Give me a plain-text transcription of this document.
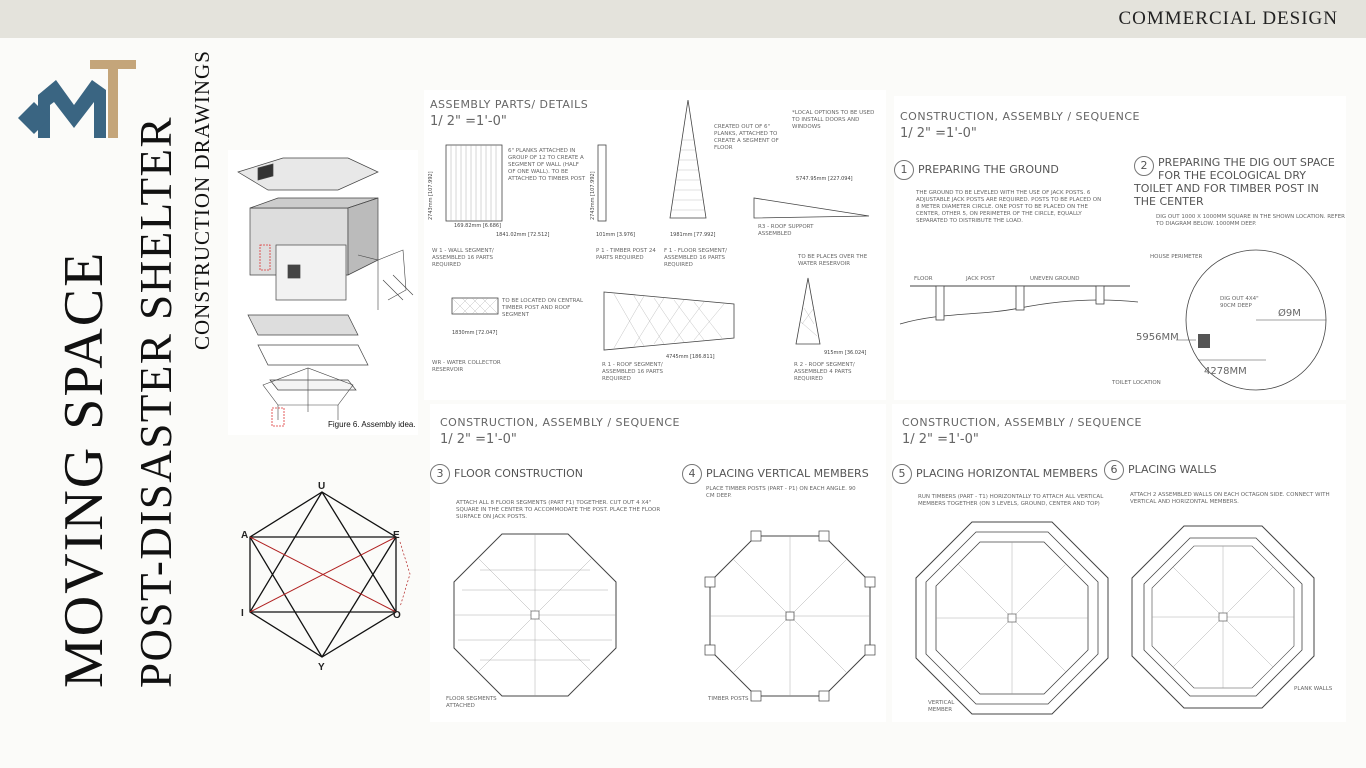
COMMERCIAL DESIGN
MOVING SPACE POST-DISASTER SHELTER CONSTRUCTION DRAWINGS
Figure 6. Assembly idea.
U
A	E
I	O
Y
ASSEMBLY PARTS/ DETAILS
1/ 2" =1'-0"
2743mm [107.992]
169.82mm [6.686]
1841.02mm [72.512]
6" PLANKS ATTACHED IN GROUP OF 12 TO CREATE A SEGMENT OF WALL (HALF OF ONE WALL). TO BE ATTACHED TO TIMBER POST
W 1 - WALL SEGMENT/ ASSEMBLED 16 PARTS REQUIRED
2743mm [107.992]
101mm [3.976]
P 1 - TIMBER POST 24 PARTS REQUIRED
CREATED OUT OF 6" PLANKS, ATTACHED TO CREATE A SEGMENT OF FLOOR
1981mm [77.992]
F 1 - FLOOR SEGMENT/ ASSEMBLED 16 PARTS REQUIRED
*LOCAL OPTIONS TO BE USED TO INSTALL DOORS AND WINDOWS
5747.95mm [227.094]
R3 - ROOF SUPPORT ASSEMBLED
TO BE LOCATED ON CENTRAL TIMBER POST AND ROOF SEGMENT
1830mm [72.047]
WR - WATER COLLECTOR RESERVOIR
4745mm [186.811]
R 1 - ROOF SEGMENT/ ASSEMBLED 16 PARTS REQUIRED
TO BE PLACES OVER THE WATER RESERVOIR
915mm [36.024]
R 2 - ROOF SEGMENT/ ASSEMBLED 4 PARTS REQUIRED
CONSTRUCTION, ASSEMBLY / SEQUENCE
1/ 2" =1'-0"
1 PREPARING THE GROUND
THE GROUND TO BE LEVELED WITH THE USE OF JACK POSTS. 6 ADJUSTABLE JACK POSTS ARE REQUIRED. POSTS TO BE PLACED ON 8 METER DIAMETER CIRCLE. ONE POST TO BE PLACED ON THE CENTER, OTHER 5, ON PERIMETER OF THE CIRCLE, EQUALLY SEPARATED TO DISTRIBUTE THE LOAD.
FLOOR	JACK POST	UNEVEN GROUND
2 PREPARING THE DIG OUT SPACE FOR THE ECOLOGICAL DRY TOILET AND FOR TIMBER POST IN THE CENTER
DIG OUT 1000 X 1000MM SQUARE IN THE SHOWN LOCATION. REFER TO DIAGRAM BELOW. 1000MM DEEP.
HOUSE PERIMETER
DIG OUT 4X4" 90CM DEEP
Ø9M
5956MM
4278MM
TOILET LOCATION
CONSTRUCTION, ASSEMBLY / SEQUENCE
1/ 2" =1'-0"
3 FLOOR CONSTRUCTION
ATTACH ALL 8 FLOOR SEGMENTS (PART F1) TOGETHER. CUT OUT 4 X4" SQUARE IN THE CENTER TO ACCOMMODATE THE POST. PLACE THE FLOOR SURFACE ON JACK POSTS.
FLOOR SEGMENTS ATTACHED
4 PLACING VERTICAL MEMBERS
PLACE TIMBER POSTS (PART - P1) ON EACH ANGLE. 90 CM DEEP.
TIMBER POSTS
CONSTRUCTION, ASSEMBLY / SEQUENCE
1/ 2" =1'-0"
5 PLACING HORIZONTAL MEMBERS
RUN TIMBERS (PART - T1) HORIZONTALLY TO ATTACH ALL VERTICAL MEMBERS TOGETHER (ON 3 LEVELS, GROUND, CENTER AND TOP)
VERTICAL MEMBER
6 PLACING WALLS
ATTACH 2 ASSEMBLED WALLS ON EACH OCTAGON SIDE. CONNECT WITH VERTICAL AND HORIZONTAL MEMBERS.
PLANK WALLS
